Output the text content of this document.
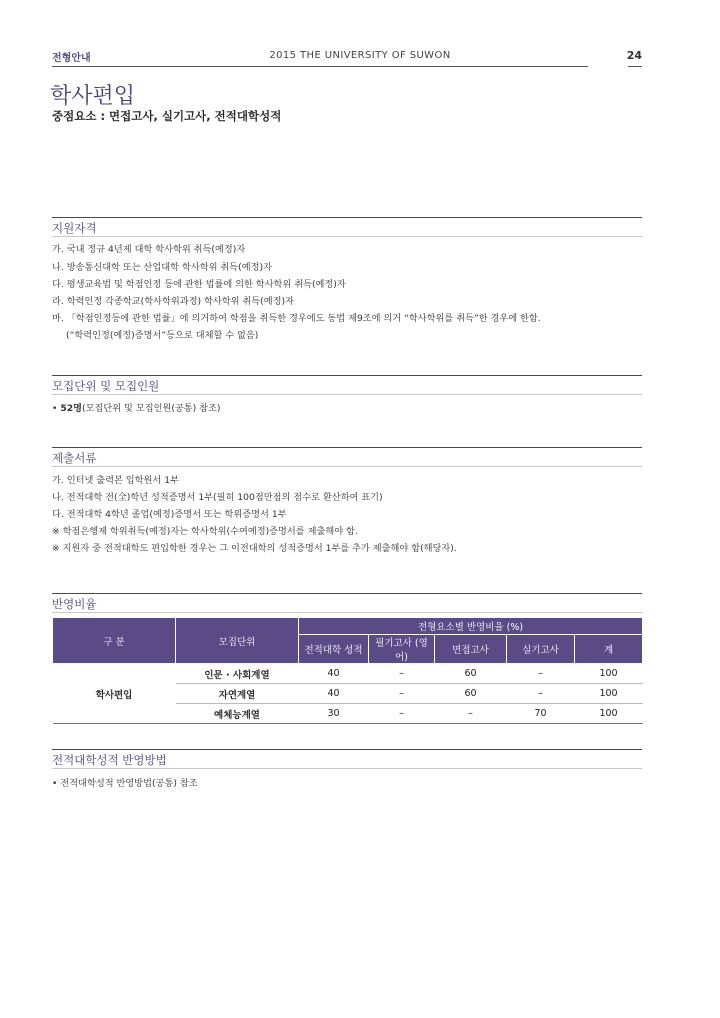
전형안내	2015 THE UNIVERSITY OF SUWON	24
학사편입
중점요소 : 면접고사, 실기고사, 전적대학성적
지원자격
가. 국내 정규 4년제 대학 학사학위 취득(예정)자
나. 방송통신대학 또는 산업대학 학사학위 취득(예정)자
다. 평생교육법 및 학점인정 등에 관한 법률에 의한 학사학위 취득(예정)자
라. 학력인정 각종학교(학사학위과정) 학사학위 취득(예정)자
마. 「학점인정등에 관한 법률」에 의거하여 학점을 취득한 경우에도 동법 제9조에 의거 “학사학위를 취득”한 경우에 한함.
(“학력인정(예정)증명서”등으로 대체할 수 없음)
모집단위 및 모집인원
• 52명(모집단위 및 모집인원(공통) 참조)
제출서류
가. 인터넷 출력본 입학원서 1부
나. 전적대학 전(全)학년 성적증명서 1부(필히 100점만점의 점수로 환산하여 표기)
다. 전적대학 4학년 졸업(예정)증명서 또는 학위증명서 1부
※ 학점은행제 학위취득(예정)자는 학사학위(수여예정)증명서를 제출해야 함.
※ 지원자 중 전적대학도 편입학한 경우는 그 이전대학의 성적증명서 1부를 추가 제출해야 함(해당자).
반영비율
구 분	모집단위	전형요소별 반영비율 (%)				
		전적대학 성적	필기고사 (영어)	면접고사	실기고사	계
학사편입	인문 · 사회계열	40	–	60	–	100
	자연계열	40	–	60	–	100
	예체능계열	30	–	–	70	100
전적대학성적 반영방법
• 전적대학성적 반영방법(공통) 참조
